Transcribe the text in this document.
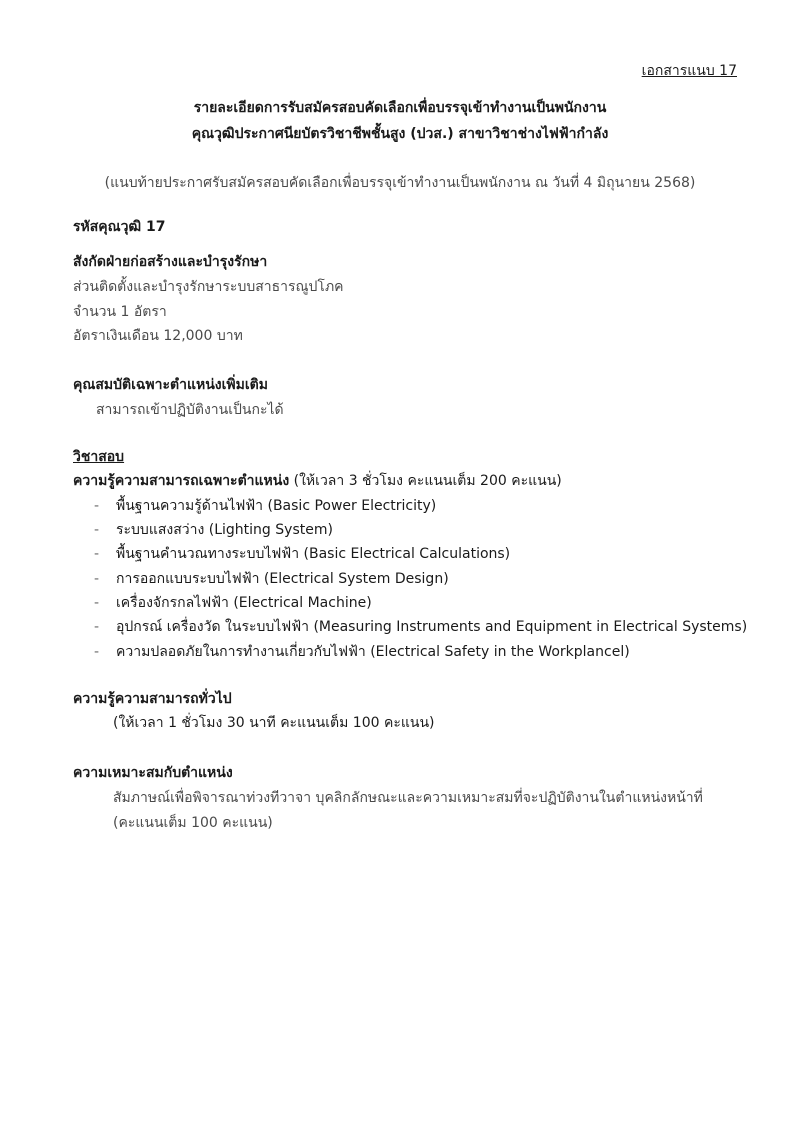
เอกสารแนบ 17
รายละเอียดการรับสมัครสอบคัดเลือกเพื่อบรรจุเข้าทำงานเป็นพนักงาน
คุณวุฒิประกาศนียบัตรวิชาชีพชั้นสูง (ปวส.) สาขาวิชาช่างไฟฟ้ากำลัง
(แนบท้ายประกาศรับสมัครสอบคัดเลือกเพื่อบรรจุเข้าทำงานเป็นพนักงาน ณ วันที่ 4 มิถุนายน 2568)
รหัสคุณวุฒิ 17
สังกัดฝ่ายก่อสร้างและบำรุงรักษา
ส่วนติดตั้งและบำรุงรักษาระบบสาธารณูปโภค
จำนวน 1 อัตรา
อัตราเงินเดือน 12,000 บาท
คุณสมบัติเฉพาะตำแหน่งเพิ่มเติม
สามารถเข้าปฏิบัติงานเป็นกะได้
วิชาสอบ
ความรู้ความสามารถเฉพาะตำแหน่ง (ให้เวลา 3 ชั่วโมง คะแนนเต็ม 200 คะแนน)
- พื้นฐานความรู้ด้านไฟฟ้า (Basic Power Electricity)
- ระบบแสงสว่าง (Lighting System)
- พื้นฐานคำนวณทางระบบไฟฟ้า (Basic Electrical Calculations)
- การออกแบบระบบไฟฟ้า (Electrical System Design)
- เครื่องจักรกลไฟฟ้า (Electrical Machine)
- อุปกรณ์ เครื่องวัด ในระบบไฟฟ้า (Measuring Instruments and Equipment in Electrical Systems)
- ความปลอดภัยในการทำงานเกี่ยวกับไฟฟ้า (Electrical Safety in the Workplancel)
ความรู้ความสามารถทั่วไป
(ให้เวลา 1 ชั่วโมง 30 นาที คะแนนเต็ม 100 คะแนน)
ความเหมาะสมกับตำแหน่ง
สัมภาษณ์เพื่อพิจารณาท่วงทีวาจา บุคลิกลักษณะและความเหมาะสมที่จะปฏิบัติงานในตำแหน่งหน้าที่
(คะแนนเต็ม 100 คะแนน)
